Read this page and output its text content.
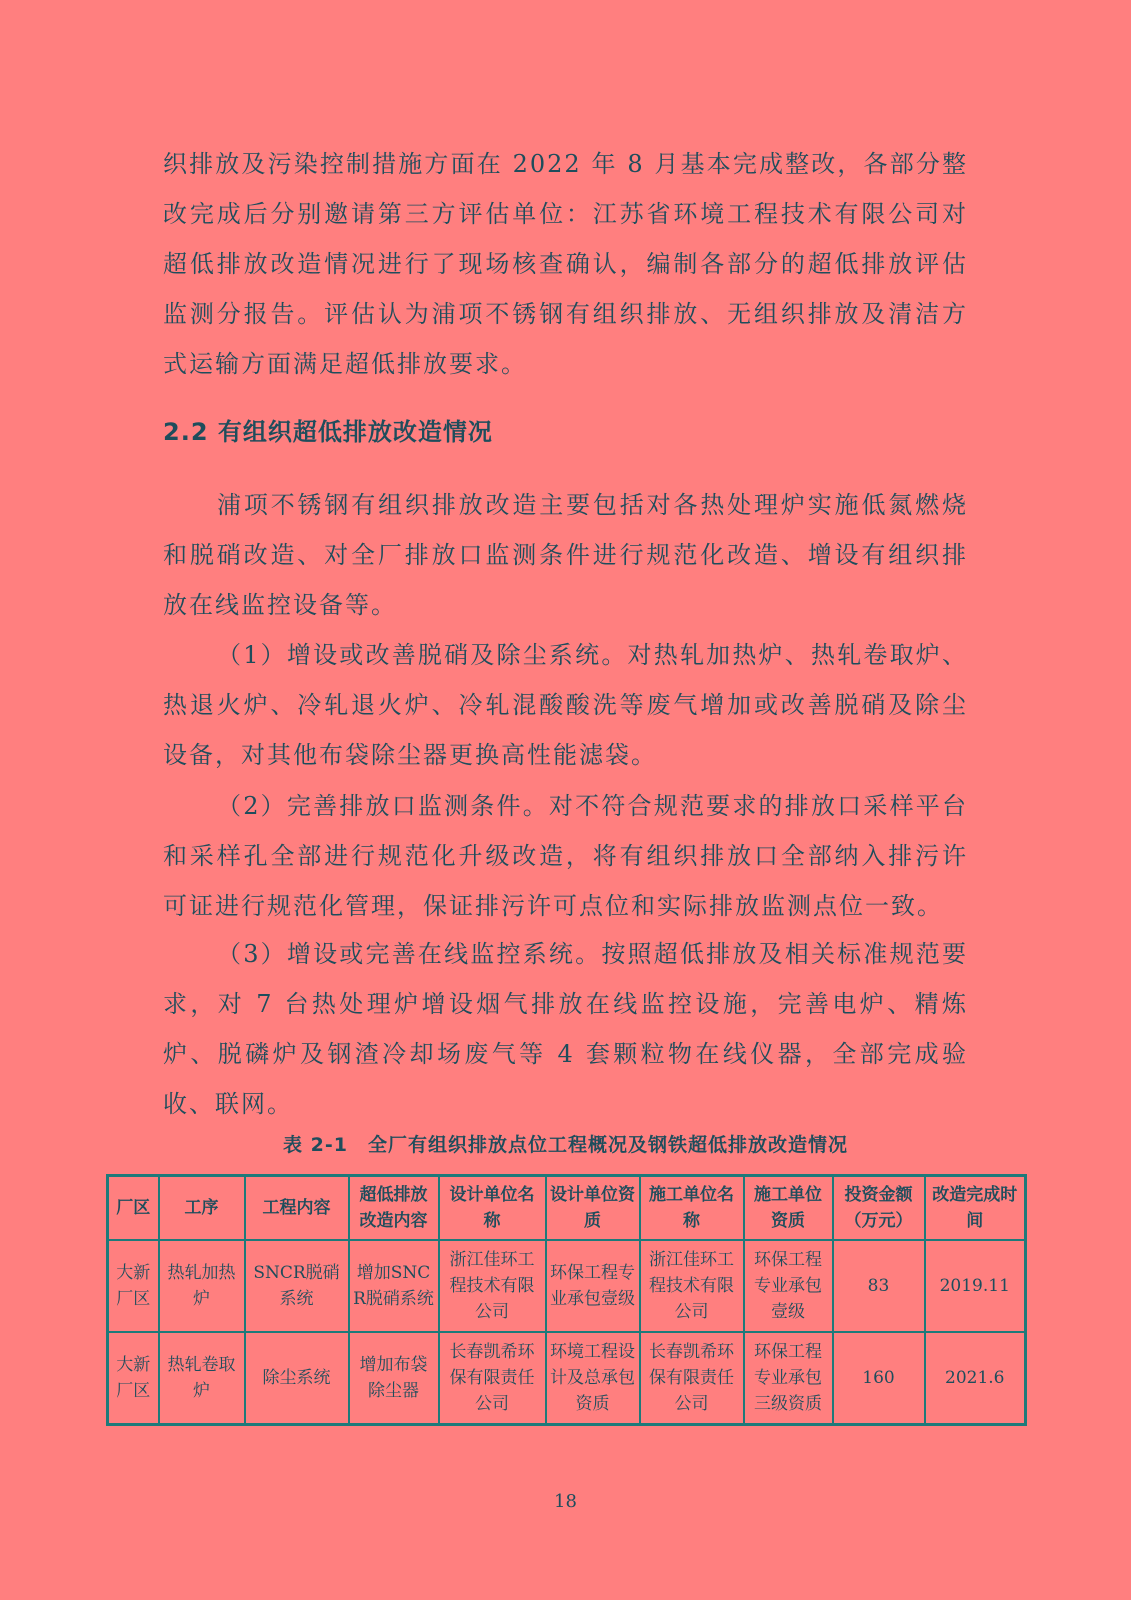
织排放及污染控制措施方面在 2022 年 8 月基本完成整改，各部分整改完成后分别邀请第三方评估单位：江苏省环境工程技术有限公司对超低排放改造情况进行了现场核查确认，编制各部分的超低排放评估监测分报告。评估认为浦项不锈钢有组织排放、无组织排放及清洁方式运输方面满足超低排放要求。

2.2 有组织超低排放改造情况

浦项不锈钢有组织排放改造主要包括对各热处理炉实施低氮燃烧和脱硝改造、对全厂排放口监测条件进行规范化改造、增设有组织排放在线监控设备等。

（1）增设或改善脱硝及除尘系统。对热轧加热炉、热轧卷取炉、热退火炉、冷轧退火炉、冷轧混酸酸洗等废气增加或改善脱硝及除尘设备，对其他布袋除尘器更换高性能滤袋。

（2）完善排放口监测条件。对不符合规范要求的排放口采样平台和采样孔全部进行规范化升级改造，将有组织排放口全部纳入排污许可证进行规范化管理，保证排污许可点位和实际排放监测点位一致。

（3）增设或完善在线监控系统。按照超低排放及相关标准规范要求，对 7 台热处理炉增设烟气排放在线监控设施，完善电炉、精炼炉、脱磷炉及钢渣冷却场废气等 4 套颗粒物在线仪器，全部完成验收、联网。

表 2-1　全厂有组织排放点位工程概况及钢铁超低排放改造情况
厂区	工序	工程内容	超低排放改造内容	设计单位名称	设计单位资质	施工单位名称	施工单位资质	投资金额（万元）	改造完成时间
大新厂区	热轧加热炉	SNCR脱硝系统	增加SNCR脱硝系统	浙江佳环工程技术有限公司	环保工程专业承包壹级	浙江佳环工程技术有限公司	环保工程专业承包壹级	83	2019.11
大新厂区	热轧卷取炉	除尘系统	增加布袋除尘器	长春凯希环保有限责任公司	环境工程设计及总承包资质	长春凯希环保有限责任公司	环保工程专业承包三级资质	160	2021.6
18
